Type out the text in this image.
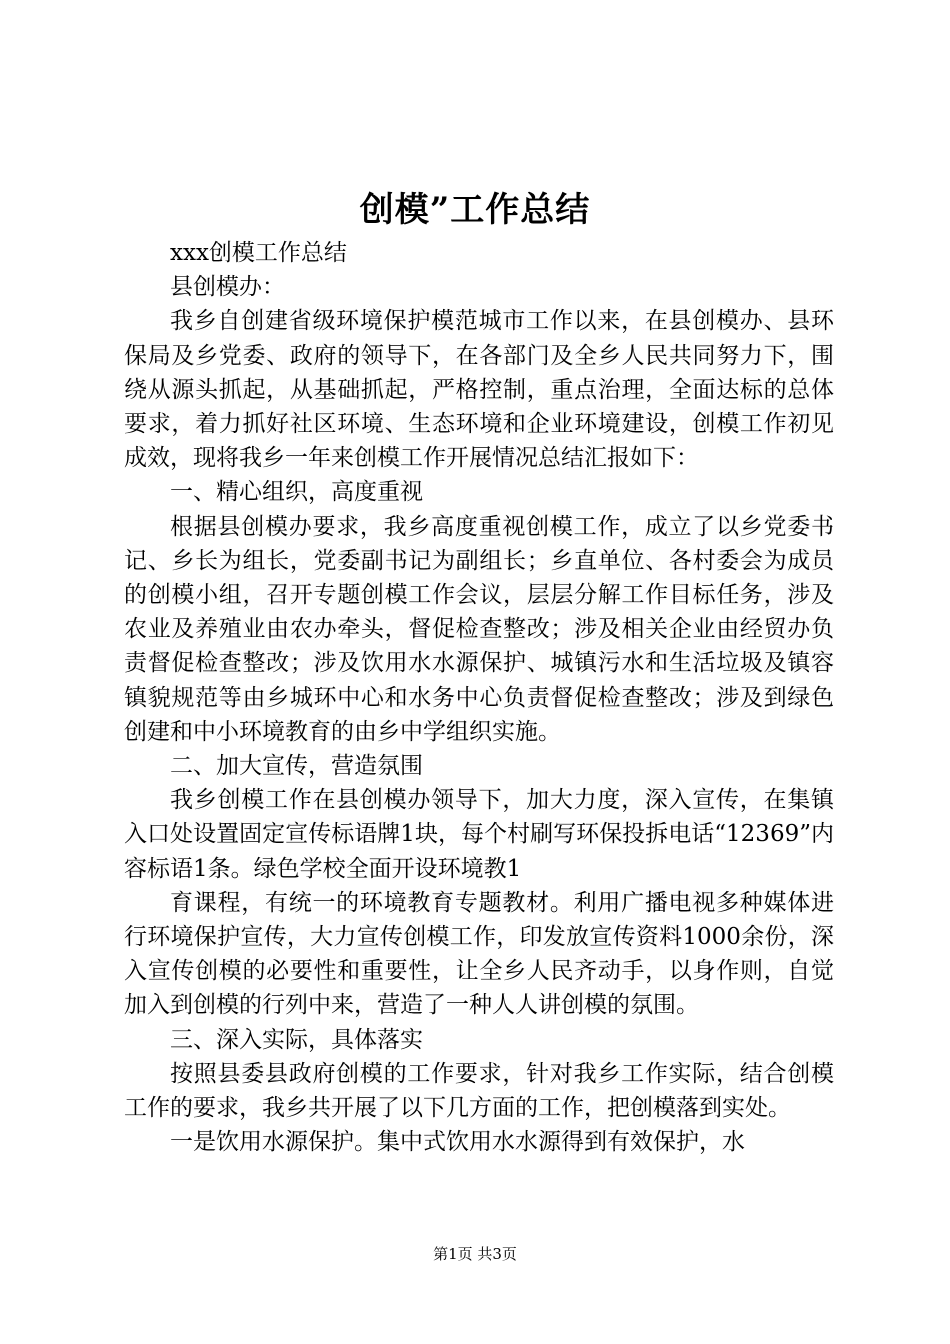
创模”工作总结

xxx创模工作总结

县创模办：

我乡自创建省级环境保护模范城市工作以来，在县创模办、县环保局及乡党委、政府的领导下，在各部门及全乡人民共同努力下，围绕从源头抓起，从基础抓起，严格控制，重点治理，全面达标的总体要求，着力抓好社区环境、生态环境和企业环境建设，创模工作初见成效，现将我乡一年来创模工作开展情况总结汇报如下：

一、精心组织，高度重视

根据县创模办要求，我乡高度重视创模工作，成立了以乡党委书记、乡长为组长，党委副书记为副组长；乡直单位、各村委会为成员的创模小组，召开专题创模工作会议，层层分解工作目标任务，涉及农业及养殖业由农办牵头，督促检查整改；涉及相关企业由经贸办负责督促检查整改；涉及饮用水水源保护、城镇污水和生活垃圾及镇容镇貌规范等由乡城环中心和水务中心负责督促检查整改；涉及到绿色创建和中小环境教育的由乡中学组织实施。

二、加大宣传，营造氛围

我乡创模工作在县创模办领导下，加大力度，深入宣传，在集镇入口处设置固定宣传标语牌1块，每个村刷写环保投拆电话“12369”内容标语1条。绿色学校全面开设环境教1

育课程，有统一的环境教育专题教材。利用广播电视多种媒体进行环境保护宣传，大力宣传创模工作，印发放宣传资料1000余份，深入宣传创模的必要性和重要性，让全乡人民齐动手，以身作则，自觉加入到创模的行列中来，营造了一种人人讲创模的氛围。

三、深入实际，具体落实

按照县委县政府创模的工作要求，针对我乡工作实际，结合创模工作的要求，我乡共开展了以下几方面的工作，把创模落到实处。

一是饮用水源保护。集中式饮用水水源得到有效保护，水

第1页 共3页
